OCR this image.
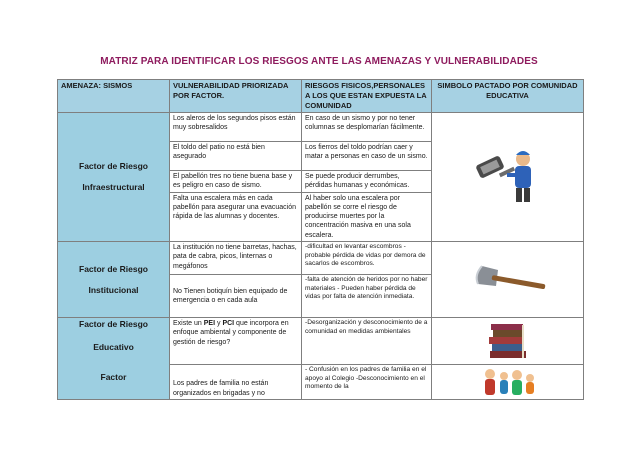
MATRIZ PARA IDENTIFICAR LOS RIESGOS ANTE LAS AMENAZAS Y VULNERABILIDADES
AMENAZA: SISMOS	VULNERABILIDAD PRIORIZADA POR FACTOR.	RIESGOS FISICOS,PERSONALES A LOS QUE ESTAN EXPUESTA LA COMUNIDAD	SIMBOLO PACTADO POR COMUNIDAD EDUCATIVA

Factor de Riesgo
Infraestructural	Los aleros de los segundos pisos están muy sobresalidos	En caso de un sismo y por no tener columnas se desplomarían fácilmente.	

	El toldo del patio no está bien asegurado	Los fierros del toldo podrían caer y matar a personas en caso de un sismo.	
	El pabellón tres no tiene buena base y es peligro en caso de sismo.	Se puede producir derrumbes, pérdidas humanas y económicas.	
	Falta una escalera más en cada pabellón para asegurar una evacuación rápida de las alumnas y docentes.	Al haber solo una escalera por pabellón se corre el riesgo de producirse muertes por la concentración masiva en una sola escalera.	

Factor de Riesgo
Institucional	La institución no tiene barretas, hachas, pata de cabra, picos, linternas o megáfonos	-dificultad en levantar escombros -probable pérdida de vidas por demora de sacarlos de escombros.	

	No Tienen botiquín bien equipado de emergencia o en cada aula	-falta de atención de heridos por no haber materiales - Pueden haber pérdida de vidas por falta de atención inmediata.	

Factor de Riesgo
Educativo
Factor	Existe un PEI y PCI que incorpora en enfoque ambiental y componente de gestión de riesgo?	-Desorganización y desconocimiento de a comunidad en medidas ambientales	

	Los padres de familia no están organizados en brigadas y no	- Confusión en los padres de familia en el apoyo al Colegio -Desconocimiento en el momento de la	
